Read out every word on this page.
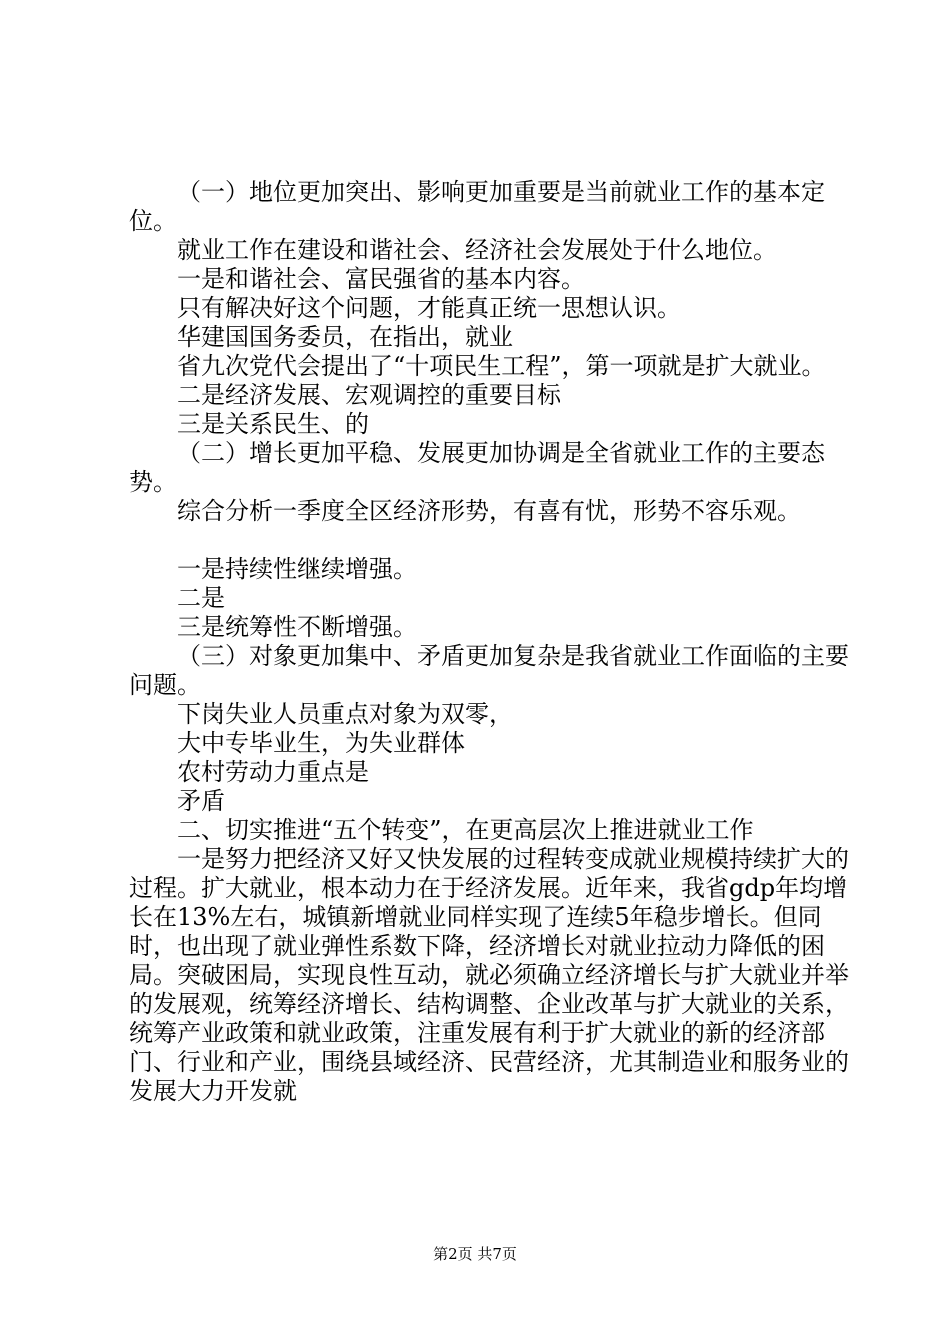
（一）地位更加突出、影响更加重要是当前就业工作的基本定位。

就业工作在建设和谐社会、经济社会发展处于什么地位。

一是和谐社会、富民强省的基本内容。

只有解决好这个问题，才能真正统一思想认识。

华建国国务委员，在指出，就业

省九次党代会提出了“十项民生工程”，第一项就是扩大就业。

二是经济发展、宏观调控的重要目标

三是关系民生、的

（二）增长更加平稳、发展更加协调是全省就业工作的主要态势。

综合分析一季度全区经济形势，有喜有忧，形势不容乐观。

一是持续性继续增强。

二是

三是统筹性不断增强。

（三）对象更加集中、矛盾更加复杂是我省就业工作面临的主要问题。

下岗失业人员重点对象为双零，

大中专毕业生，为失业群体

农村劳动力重点是

矛盾

二、切实推进“五个转变”，在更高层次上推进就业工作

一是努力把经济又好又快发展的过程转变成就业规模持续扩大的过程。扩大就业，根本动力在于经济发展。近年来，我省gdp年均增长在13%左右，城镇新增就业同样实现了连续5年稳步增长。但同时，也出现了就业弹性系数下降，经济增长对就业拉动力降低的困局。突破困局，实现良性互动，就必须确立经济增长与扩大就业并举的发展观，统筹经济增长、结构调整、企业改革与扩大就业的关系，统筹产业政策和就业政策，注重发展有利于扩大就业的新的经济部门、行业和产业，围绕县域经济、民营经济，尤其制造业和服务业的发展大力开发就

第2页 共7页
